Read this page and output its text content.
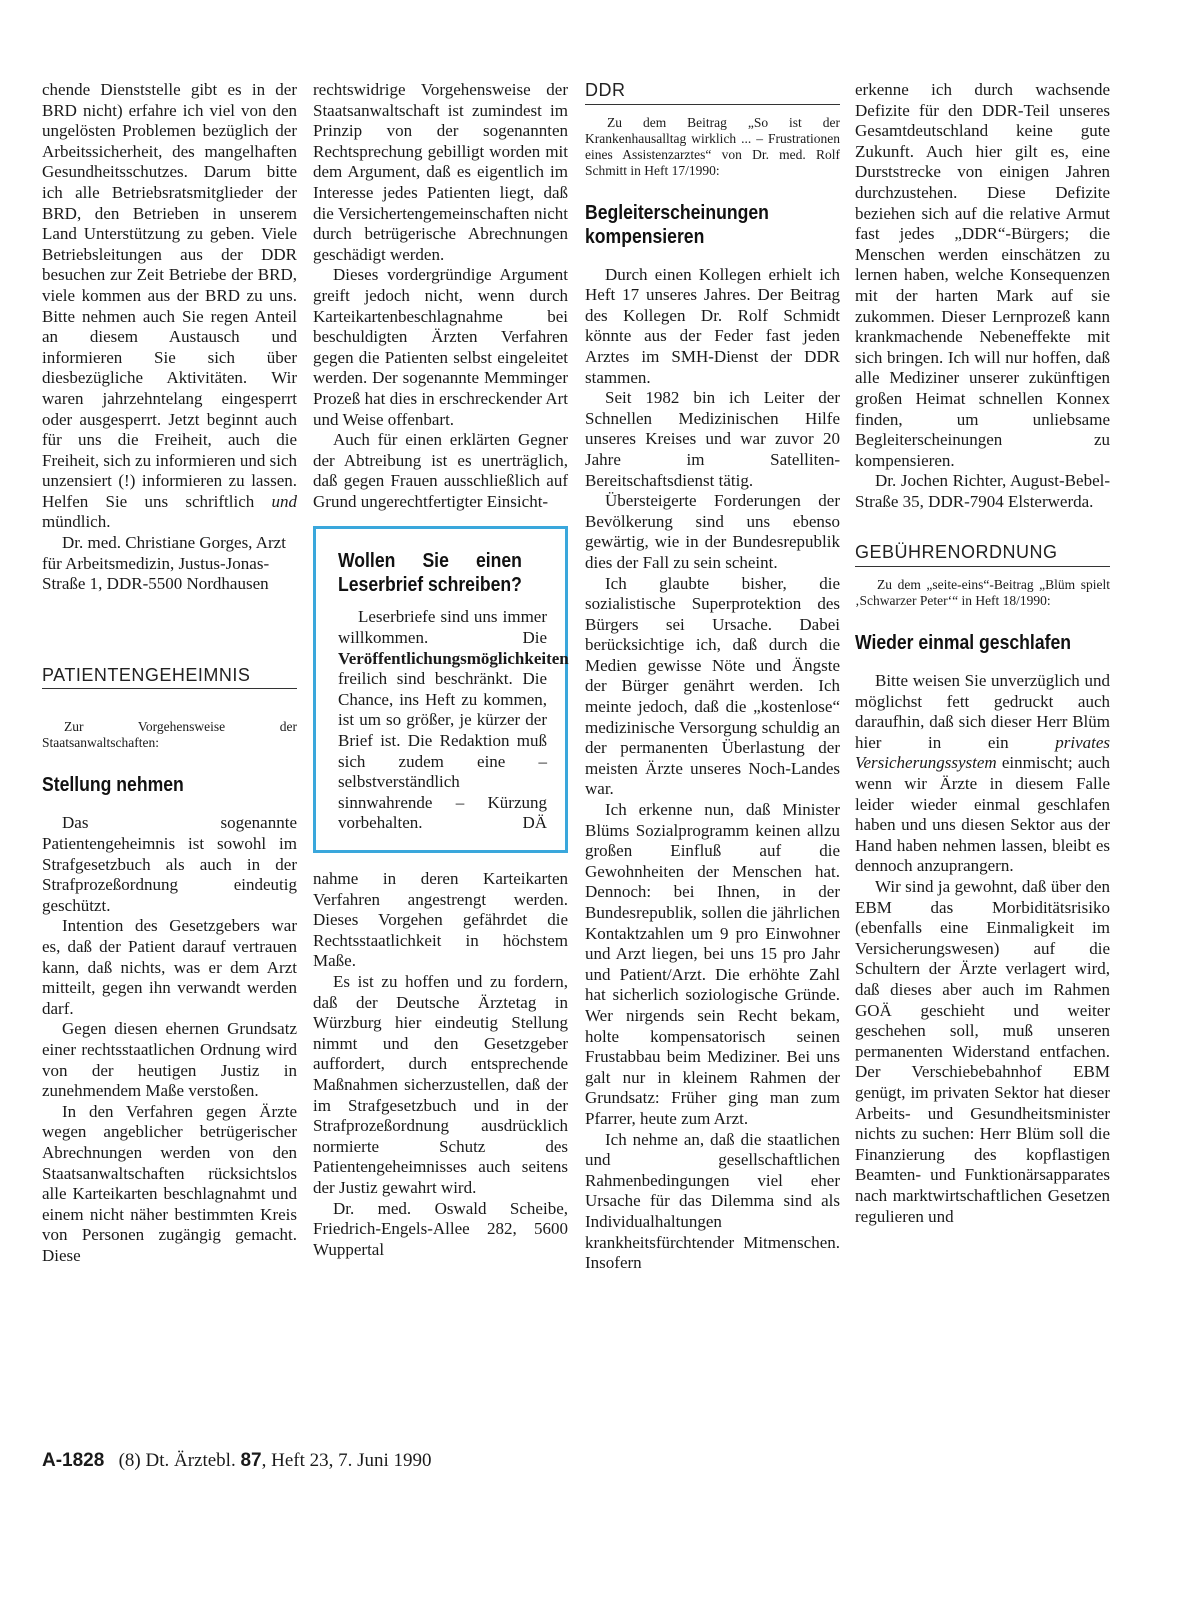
chende Dienststelle gibt es in der BRD nicht) erfahre ich viel von den ungelösten Problemen bezüglich der Arbeitssicherheit, des mangelhaften Gesundheitsschutzes. Darum bitte ich alle Betriebsratsmitglieder der BRD, den Betrieben in unserem Land Unterstützung zu geben. Viele Betriebsleitungen aus der DDR besuchen zur Zeit Betriebe der BRD, viele kommen aus der BRD zu uns. Bitte nehmen auch Sie regen Anteil an diesem Austausch und informieren Sie sich über diesbezügliche Aktivitäten. Wir waren jahrzehntelang eingesperrt oder ausgesperrt. Jetzt beginnt auch für uns die Freiheit, auch die Freiheit, sich zu informieren und sich unzensiert (!) informieren zu lassen. Helfen Sie uns schriftlich und mündlich.

Dr. med. Christiane Gorges, Arzt für Arbeitsmedizin, Justus-Jonas-Straße 1, DDR-5500 Nordhausen

PATIENTENGEHEIMNIS

Zur Vorgehensweise der Staatsanwaltschaften:

Stellung nehmen

Das sogenannte Patientengeheimnis ist sowohl im Strafgesetzbuch als auch in der Strafprozeßordnung eindeutig geschützt.

Intention des Gesetzgebers war es, daß der Patient darauf vertrauen kann, daß nichts, was er dem Arzt mitteilt, gegen ihn verwandt werden darf.

Gegen diesen ehernen Grundsatz einer rechtsstaatlichen Ordnung wird von der heutigen Justiz in zunehmendem Maße verstoßen.

In den Verfahren gegen Ärzte wegen angeblicher betrügerischer Abrechnungen werden von den Staatsanwaltschaften rücksichtslos alle Karteikarten beschlagnahmt und einem nicht näher bestimmten Kreis von Personen zugängig gemacht. Diese

rechtswidrige Vorgehensweise der Staatsanwaltschaft ist zumindest im Prinzip von der sogenannten Rechtsprechung gebilligt worden mit dem Argument, daß es eigentlich im Interesse jedes Patienten liegt, daß die Versichertengemeinschaften nicht durch betrügerische Abrechnungen geschädigt werden.

Dieses vordergründige Argument greift jedoch nicht, wenn durch Karteikartenbeschlagnahme bei beschuldigten Ärzten Verfahren gegen die Patienten selbst eingeleitet werden. Der sogenannte Memminger Prozeß hat dies in erschreckender Art und Weise offenbart.

Auch für einen erklärten Gegner der Abtreibung ist es unerträglich, daß gegen Frauen ausschließlich auf Grund ungerechtfertigter Einsicht-

Wollen Sie einen Leserbrief schreiben?

Leserbriefe sind uns immer willkommen. Die Veröffentlichungsmöglichkeiten freilich sind beschränkt. Die Chance, ins Heft zu kommen, ist um so größer, je kürzer der Brief ist. Die Redaktion muß sich zudem eine – selbstverständlich sinnwahrende – Kürzung vorbehalten.	DÄ

nahme in deren Karteikarten Verfahren angestrengt werden. Dieses Vorgehen gefährdet die Rechtsstaatlichkeit in höchstem Maße.

Es ist zu hoffen und zu fordern, daß der Deutsche Ärztetag in Würzburg hier eindeutig Stellung nimmt und den Gesetzgeber auffordert, durch entsprechende Maßnahmen sicherzustellen, daß der im Strafgesetzbuch und in der Strafprozeßordnung ausdrücklich normierte Schutz des Patientengeheimnisses auch seitens der Justiz gewahrt wird.

Dr. med. Oswald Scheibe, Friedrich-Engels-Allee 282, 5600 Wuppertal

DDR

Zu dem Beitrag „So ist der Krankenhausalltag wirklich ... – Frustrationen eines Assistenzarztes“ von Dr. med. Rolf Schmitt in Heft 17/1990:

Begleiterscheinungen kompensieren

Durch einen Kollegen erhielt ich Heft 17 unseres Jahres. Der Beitrag des Kollegen Dr. Rolf Schmidt könnte aus der Feder fast jeden Arztes im SMH-Dienst der DDR stammen.

Seit 1982 bin ich Leiter der Schnellen Medizinischen Hilfe unseres Kreises und war zuvor 20 Jahre im Satelliten-Bereitschaftsdienst tätig.

Übersteigerte Forderungen der Bevölkerung sind uns ebenso gewärtig, wie in der Bundesrepublik dies der Fall zu sein scheint.

Ich glaubte bisher, die sozialistische Superprotektion des Bürgers sei Ursache. Dabei berücksichtige ich, daß durch die Medien gewisse Nöte und Ängste der Bürger genährt werden. Ich meinte jedoch, daß die „kostenlose“ medizinische Versorgung schuldig an der permanenten Überlastung der meisten Ärzte unseres Noch-Landes war.

Ich erkenne nun, daß Minister Blüms Sozialprogramm keinen allzu großen Einfluß auf die Gewohnheiten der Menschen hat. Dennoch: bei Ihnen, in der Bundesrepublik, sollen die jährlichen Kontaktzahlen um 9 pro Einwohner und Arzt liegen, bei uns 15 pro Jahr und Patient/Arzt. Die erhöhte Zahl hat sicherlich soziologische Gründe. Wer nirgends sein Recht bekam, holte kompensatorisch seinen Frustabbau beim Mediziner. Bei uns galt nur in kleinem Rahmen der Grundsatz: Früher ging man zum Pfarrer, heute zum Arzt.

Ich nehme an, daß die staatlichen und gesellschaftlichen Rahmenbedingungen viel eher Ursache für das Dilemma sind als Individualhaltungen krankheitsfürchtender Mitmenschen. Insofern

erkenne ich durch wachsende Defizite für den DDR-Teil unseres Gesamtdeutschland keine gute Zukunft. Auch hier gilt es, eine Durststrecke von einigen Jahren durchzustehen. Diese Defizite beziehen sich auf die relative Armut fast jedes „DDR“-Bürgers; die Menschen werden einschätzen zu lernen haben, welche Konsequenzen mit der harten Mark auf sie zukommen. Dieser Lernprozeß kann krankmachende Nebeneffekte mit sich bringen. Ich will nur hoffen, daß alle Mediziner unserer zukünftigen großen Heimat schnellen Konnex finden, um unliebsame Begleiterscheinungen zu kompensieren.

Dr. Jochen Richter, August-Bebel-Straße 35, DDR-7904 Elsterwerda.

GEBÜHRENORDNUNG

Zu dem „seite-eins“-Beitrag „Blüm spielt ‚Schwarzer Peter‘“ in Heft 18/1990:

Wieder einmal geschlafen

Bitte weisen Sie unverzüglich und möglichst fett gedruckt auch daraufhin, daß sich dieser Herr Blüm hier in ein	privates Versicherungssystem einmischt; auch wenn wir Ärzte in diesem Falle leider wieder einmal geschlafen haben und uns diesen Sektor aus der Hand haben nehmen lassen, bleibt es dennoch anzuprangern.

Wir sind ja gewohnt, daß über den EBM das Morbiditätsrisiko (ebenfalls eine Einmaligkeit im Versicherungswesen) auf die Schultern der Ärzte verlagert wird, daß dieses aber auch im Rahmen GOÄ geschieht und weiter geschehen soll, muß unseren permanenten Widerstand entfachen. Der Verschiebebahnhof EBM genügt, im privaten Sektor hat dieser Arbeits- und Gesundheitsminister nichts zu suchen: Herr Blüm soll die Finanzierung des kopflastigen Beamten- und Funktionärsapparates nach marktwirtschaftlichen Gesetzen regulieren und

A-1828 (8) Dt. Ärztebl. 87, Heft 23, 7. Juni 1990
